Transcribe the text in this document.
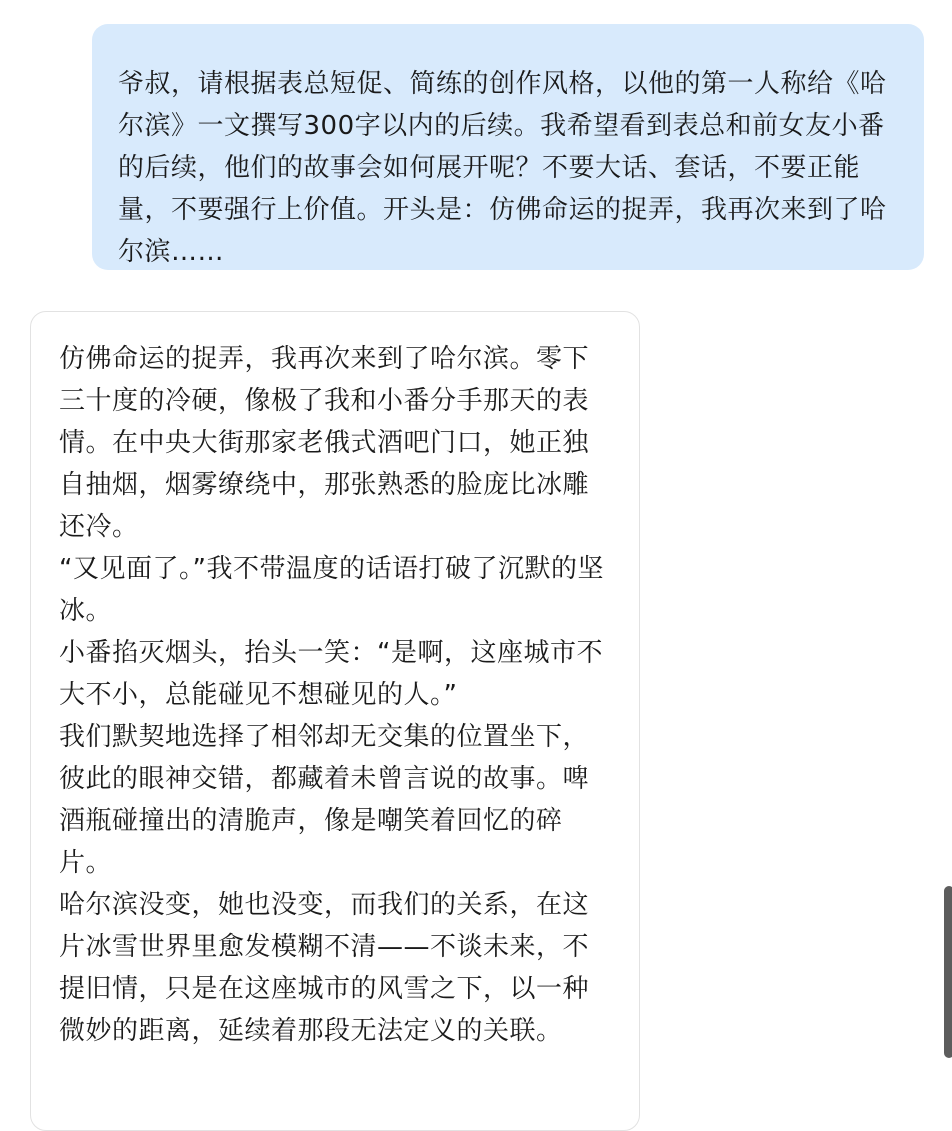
爷叔，请根据表总短促、简练的创作风格，以他的第一人称给《哈尔滨》一文撰写300字以内的后续。我希望看到表总和前女友小番的后续，他们的故事会如何展开呢？不要大话、套话，不要正能量，不要强行上价值。开头是：仿佛命运的捉弄，我再次来到了哈尔滨……

仿佛命运的捉弄，我再次来到了哈尔滨。零下三十度的冷硬，像极了我和小番分手那天的表情。在中央大街那家老俄式酒吧门口，她正独自抽烟，烟雾缭绕中，那张熟悉的脸庞比冰雕还冷。

“又见面了。”我不带温度的话语打破了沉默的坚冰。

小番掐灭烟头，抬头一笑：“是啊，这座城市不大不小，总能碰见不想碰见的人。”

我们默契地选择了相邻却无交集的位置坐下，彼此的眼神交错，都藏着未曾言说的故事。啤酒瓶碰撞出的清脆声，像是嘲笑着回忆的碎片。

哈尔滨没变，她也没变，而我们的关系，在这片冰雪世界里愈发模糊不清——不谈未来，不提旧情，只是在这座城市的风雪之下，以一种微妙的距离，延续着那段无法定义的关联。
